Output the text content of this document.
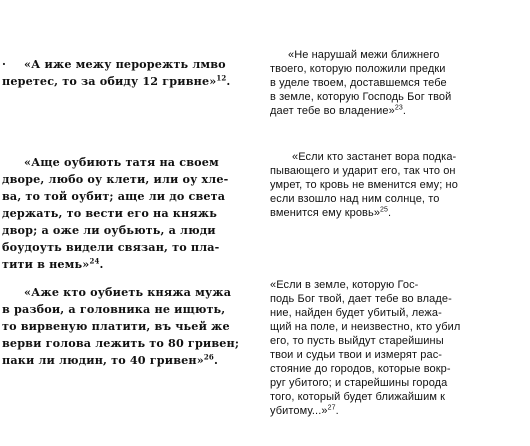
· «А иже межу перорежть лмво
перетес, то за обиду 12 гривне»$^{12}$.

«Аще оубиють татя на своем
дворе, любо оу клети, или оу хле-
ва, то той оубит; аще ли до света
держать, то вести его на княжь
двор; а оже ли оубьють, а люди
боудоуть видели связан, то пла-
тити в немь»$^{24}$.

«Аже кто оубиеть княжа мужа
в разбои, а головника не ищють,
то вирвеную платити, въ чьей же
верви голова лежить то 80 гривен;
паки ли людин, то 40 гривен»$^{26}$.

«Не нарушай межи ближнего
твоего, которую положили предки
в уделе твоем, доставшемся тебе
в земле, которую Господь Бог твой
дает тебе во владение»$^{23}$.

«Если кто застанет вора подка-
пывающего и ударит его, так что он
умрет, то кровь не вменится ему; но
если взошло над ним солнце, то
вменится ему кровь»$^{25}$.

«Если в земле, которую Гос-
подь Бог твой, дает тебе во владе-
ние, найден будет убитый, лежа-
щий на поле, и неизвестно, кто убил
его, то пусть выйдут старейшины
твои и судьи твои и измерят рас-
стояние до городов, которые вокр-
руг убитого; и старейшины города
того, который будет ближайшим к
убитому...»$^{27}$.
